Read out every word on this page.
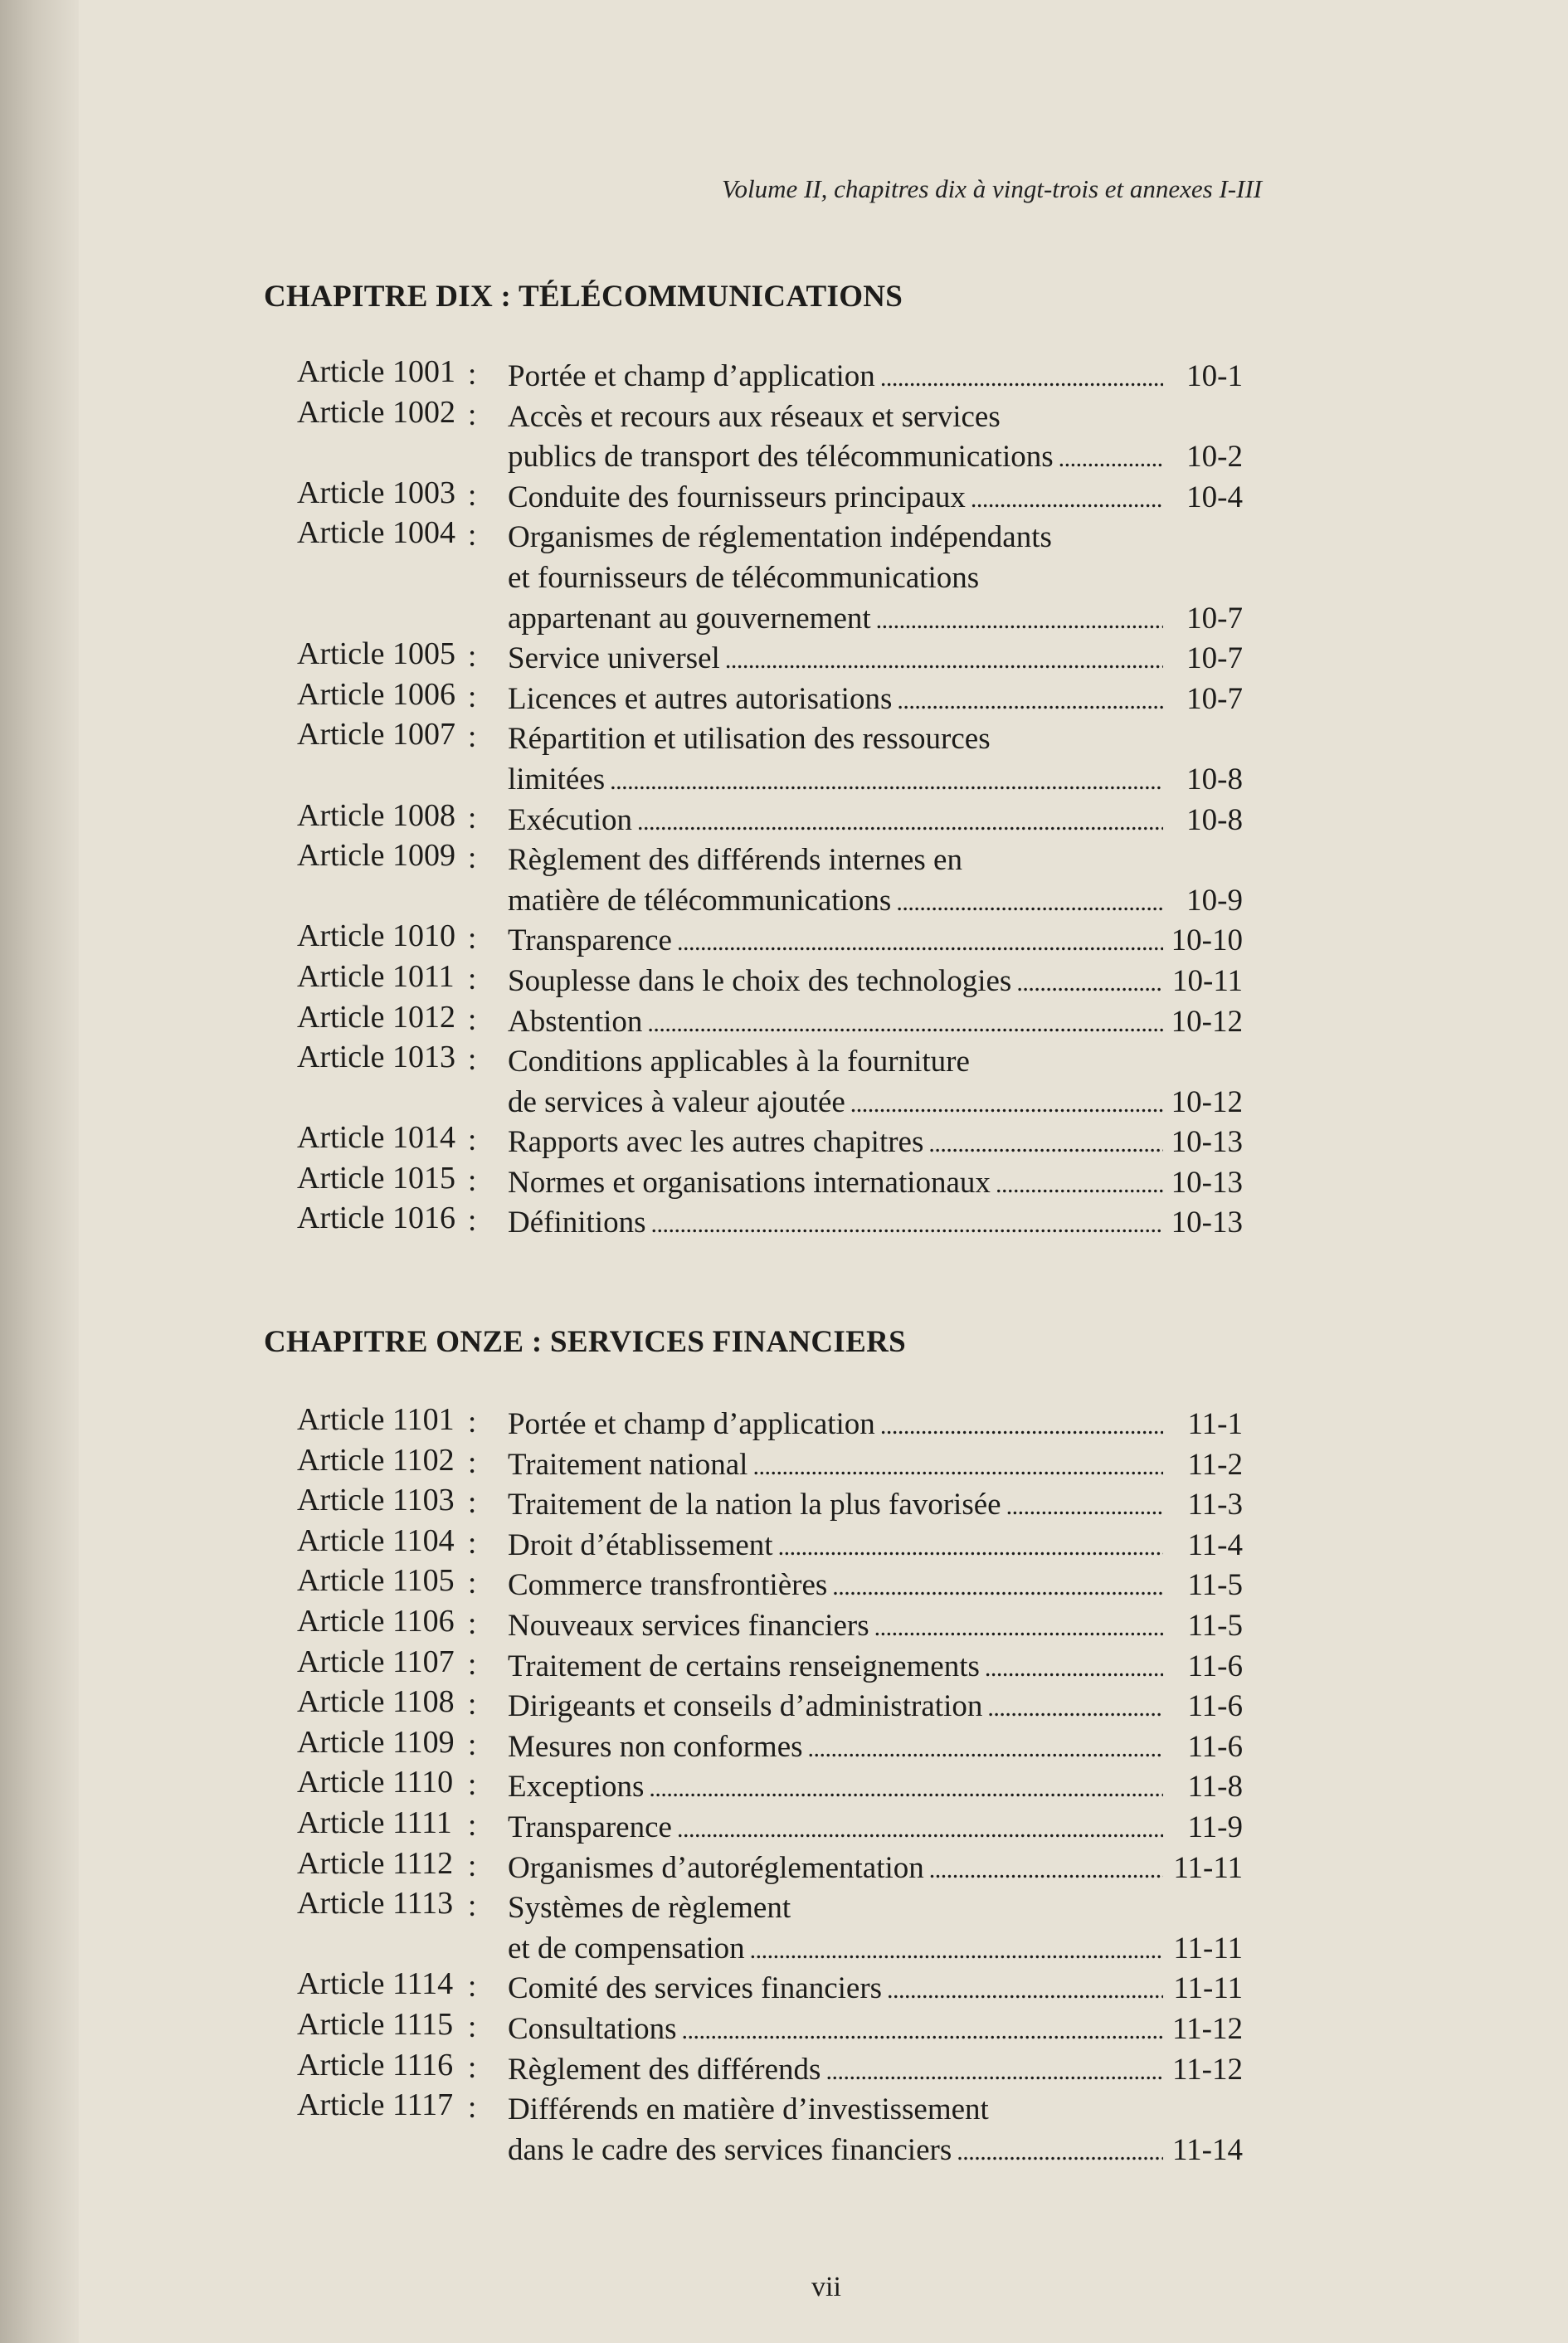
Volume II, chapitres dix à vingt-trois et annexes I-III
CHAPITRE DIX : TÉLÉCOMMUNICATIONS
Article 1001 : Portée et champ d’application . . .	10-1
Article 1002 : Accès et recours aux réseaux et services
publics de transport des télécommunications . . .	10-2
Article 1003 : Conduite des fournisseurs principaux . . .	10-4
Article 1004 : Organismes de réglementation indépendants
et fournisseurs de télécommunications
appartenant au gouvernement . . .	10-7
Article 1005 : Service universel . . .	10-7
Article 1006 : Licences et autres autorisations . . .	10-7
Article 1007 : Répartition et utilisation des ressources
limitées . . .	10-8
Article 1008 : Exécution . . .	10-8
Article 1009 : Règlement des différends internes en
matière de télécommunications . . .	10-9
Article 1010 : Transparence . . .	10-10
Article 1011 : Souplesse dans le choix des technologies . . .	10-11
Article 1012 : Abstention . . .	10-12
Article 1013 : Conditions applicables à la fourniture
de services à valeur ajoutée . . .	10-12
Article 1014 : Rapports avec les autres chapitres . . .	10-13
Article 1015 : Normes et organisations internationaux . . .	10-13
Article 1016 : Définitions . . .	10-13
CHAPITRE ONZE : SERVICES FINANCIERS
Article 1101 : Portée et champ d’application . . .	11-1
Article 1102 : Traitement national . . .	11-2
Article 1103 : Traitement de la nation la plus favorisée . . .	11-3
Article 1104 : Droit d’établissement . . .	11-4
Article 1105 : Commerce transfrontières . . .	11-5
Article 1106 : Nouveaux services financiers . . .	11-5
Article 1107 : Traitement de certains renseignements . . .	11-6
Article 1108 : Dirigeants et conseils d’administration . . .	11-6
Article 1109 : Mesures non conformes . . .	11-6
Article 1110 : Exceptions . . .	11-8
Article 1111 : Transparence . . .	11-9
Article 1112 : Organismes d’autoréglementation . . .	11-11
Article 1113 : Systèmes de règlement
et de compensation . . .	11-11
Article 1114 : Comité des services financiers . . .	11-11
Article 1115 : Consultations . . .	11-12
Article 1116 : Règlement des différends . . .	11-12
Article 1117 : Différends en matière d’investissement
dans le cadre des services financiers . . .	11-14
vii
